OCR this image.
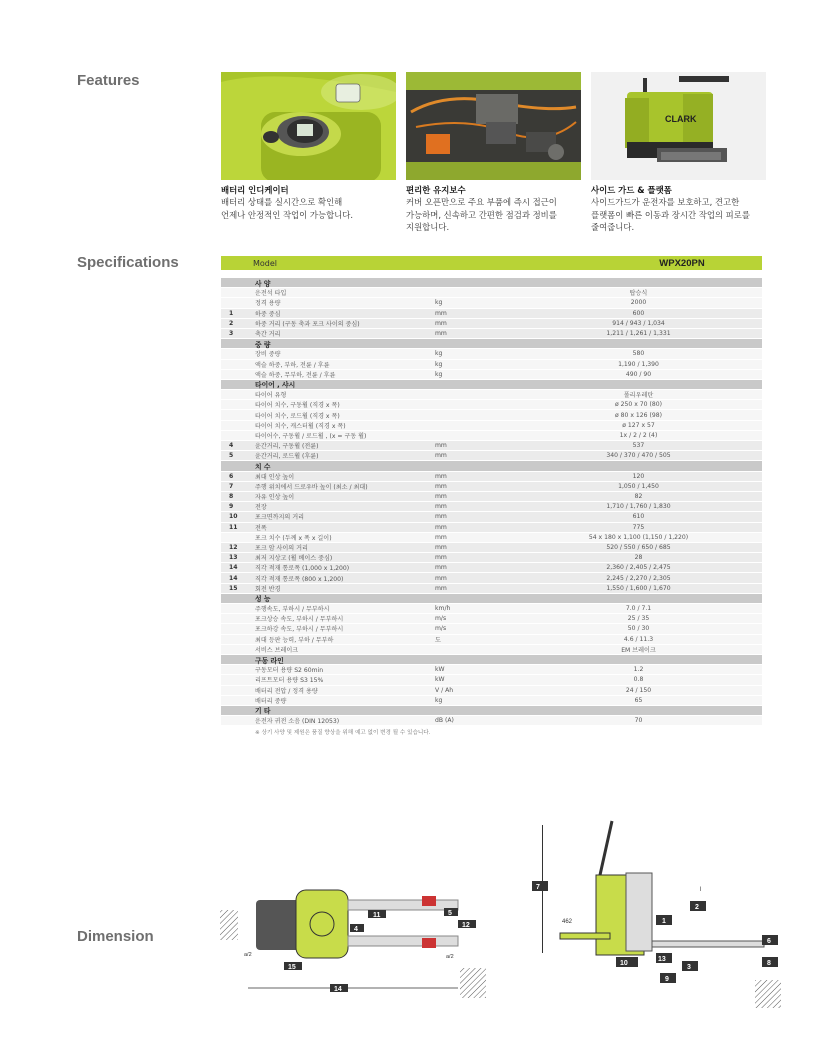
Features
Specifications
Dimension
CLARK
배터리 인디케이터
배터리 상태를 실시간으로 확인해
언제나 안정적인 작업이 가능합니다.
편리한 유지보수
커버 오픈만으로 주요 부품에 즉시 접근이
가능하며, 신속하고 간편한 점검과 정비를
지원합니다.
사이드 가드 & 플랫폼
사이드가드가 운전자를 보호하고, 견고한
플랫폼이 빠른 이동과 장시간 작업의 피로를
줄여줍니다.
Model	WPX20PN
사 양
운전석 타입	탑승식
정격 용량	kg	2000
1	하중 중심	mm	600
2	하중 거리 (구동 축과 포크 사이의 중심)	mm	914 / 943 / 1,034
3	축간 거리	mm	1,211 / 1,261 / 1,331
중 량
장비 중량	kg	580
액슬 하중, 부하, 전륜 / 후륜	kg	1,190 / 1,390
액슬 하중, 무부하, 전륜 / 후륜	kg	490 / 90
타이어 , 샤시
타이어 유형	폴리우레탄
타이어 치수, 구동휠 (직경 x 폭)	ø 250 x 70 (80)
타이어 치수, 로드휠 (직경 x 폭)	ø 80 x 126 (98)
타이어 치수, 캐스터휠 (직경 x 폭)	ø 127 x 57
타이어수, 구동휠 / 로드휠 , (x = 구동 휠)	1x / 2 / 2 (4)
4	윤간거리, 구동휠 (전륜)	mm	537
5	윤간거리, 로드휠 (후륜)	mm	340 / 370 / 470 / 505
치 수
6	최대 인상 높이	mm	120
7	주행 위치에서 드로우바 높이 (최소 / 최대)	mm	1,050 / 1,450
8	자유 인상 높이	mm	82
9	전장	mm	1,710 / 1,760 / 1,830
10	포크면까지의 거리	mm	610
11	전폭	mm	775
포크 치수 (두께 x 폭 x 길이)	mm	54 x 180 x 1,100 (1,150 / 1,220)
12	포크 암 사이의 거리	mm	520 / 550 / 650 / 685
13	최저 지상고 (휠 베이스 중심)	mm	28
14	직각 적재 통로폭 (1,000 x 1,200)	mm	2,360 / 2,405 / 2,475
14	직각 적재 통로폭 (800 x 1,200)	mm	2,245 / 2,270 / 2,305
15	회전 반경	mm	1,550 / 1,600 / 1,670
성 능
주행속도, 부하시 / 무부하시	km/h	7.0 / 7.1
포크상승 속도, 부하시 / 무부하시	m/s	25 / 35
포크하강 속도, 부하시 / 무부하시	m/s	50 / 30
최대 등판 능력, 부하 / 무부하	도	4.6 / 11.3
서비스 브레이크	EM 브레이크
구동 라인
구동모터 용량 S2 60min	kW	1.2
리프트모터 용량 S3 15%	kW	0.8
배터리 전압 / 정격 용량	V / Ah	24 / 150
배터리 중량	kg	65
기 타
운전자 귀전 소음 (DIN 12053)	dB (A)	70
※ 상기 사양 및 제원은 품질 향상을 위해 예고 없이 변경 될 수 있습니다.
11
4
5
12
15
14
a/2	a/2
7
1
2
13
10
3
9
6
8
462
l
